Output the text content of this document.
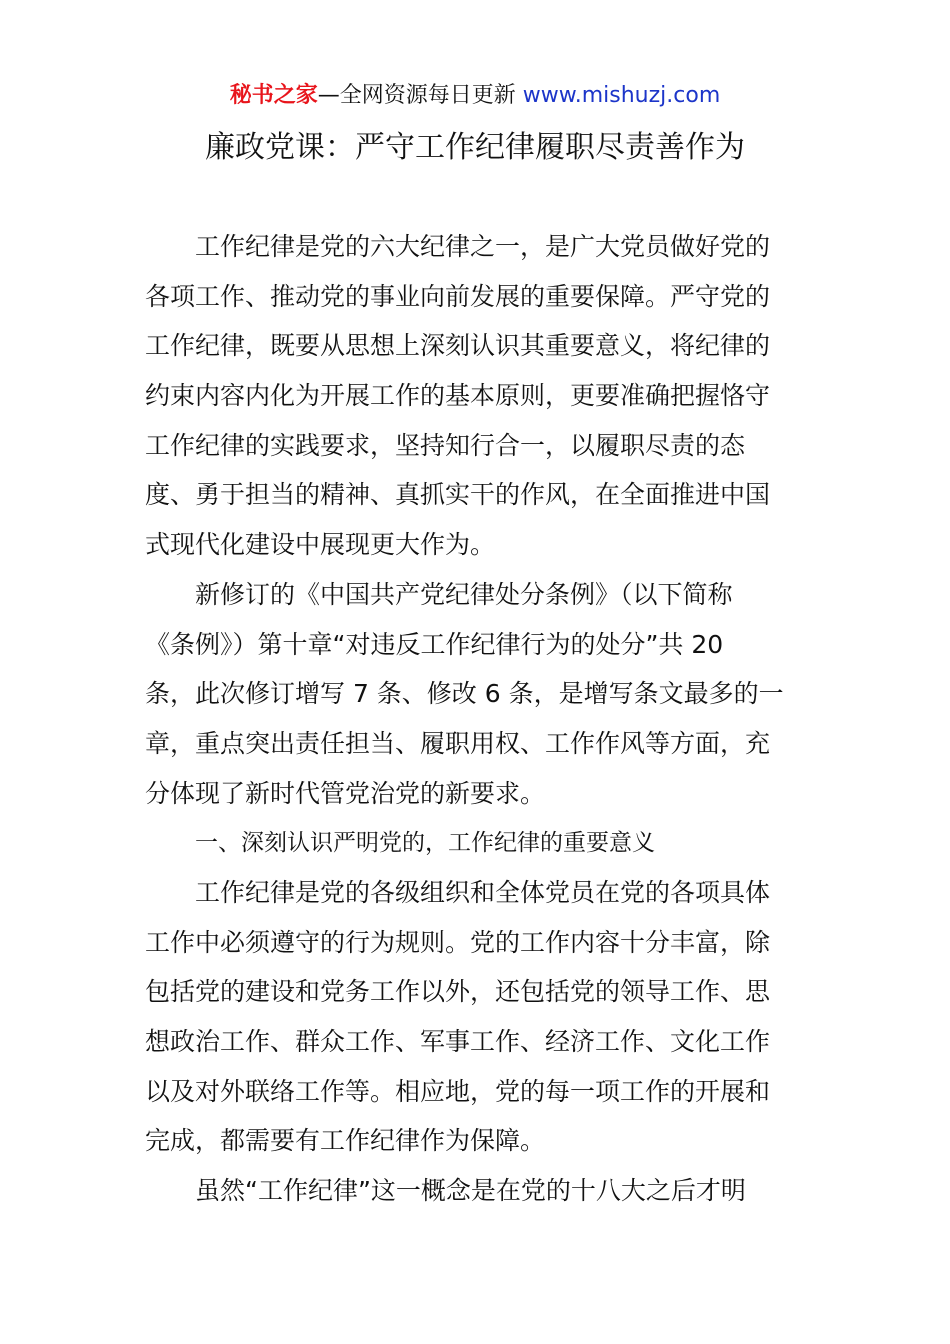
秘书之家—全网资源每日更新 www.mishuzj.com
廉政党课：严守工作纪律履职尽责善作为
工作纪律是党的六大纪律之一，是广大党员做好党的
各项工作、推动党的事业向前发展的重要保障。严守党的
工作纪律，既要从思想上深刻认识其重要意义，将纪律的
约束内容内化为开展工作的基本原则，更要准确把握恪守
工作纪律的实践要求，坚持知行合一，以履职尽责的态
度、勇于担当的精神、真抓实干的作风，在全面推进中国
式现代化建设中展现更大作为。
新修订的《中国共产党纪律处分条例》（以下简称
《条例》）第十章“对违反工作纪律行为的处分”共 20
条，此次修订增写 7 条、修改 6 条，是增写条文最多的一
章，重点突出责任担当、履职用权、工作作风等方面，充
分体现了新时代管党治党的新要求。
一、深刻认识严明党的，工作纪律的重要意义
工作纪律是党的各级组织和全体党员在党的各项具体
工作中必须遵守的行为规则。党的工作内容十分丰富，除
包括党的建设和党务工作以外，还包括党的领导工作、思
想政治工作、群众工作、军事工作、经济工作、文化工作
以及对外联络工作等。相应地，党的每一项工作的开展和
完成，都需要有工作纪律作为保障。
虽然“工作纪律”这一概念是在党的十八大之后才明
